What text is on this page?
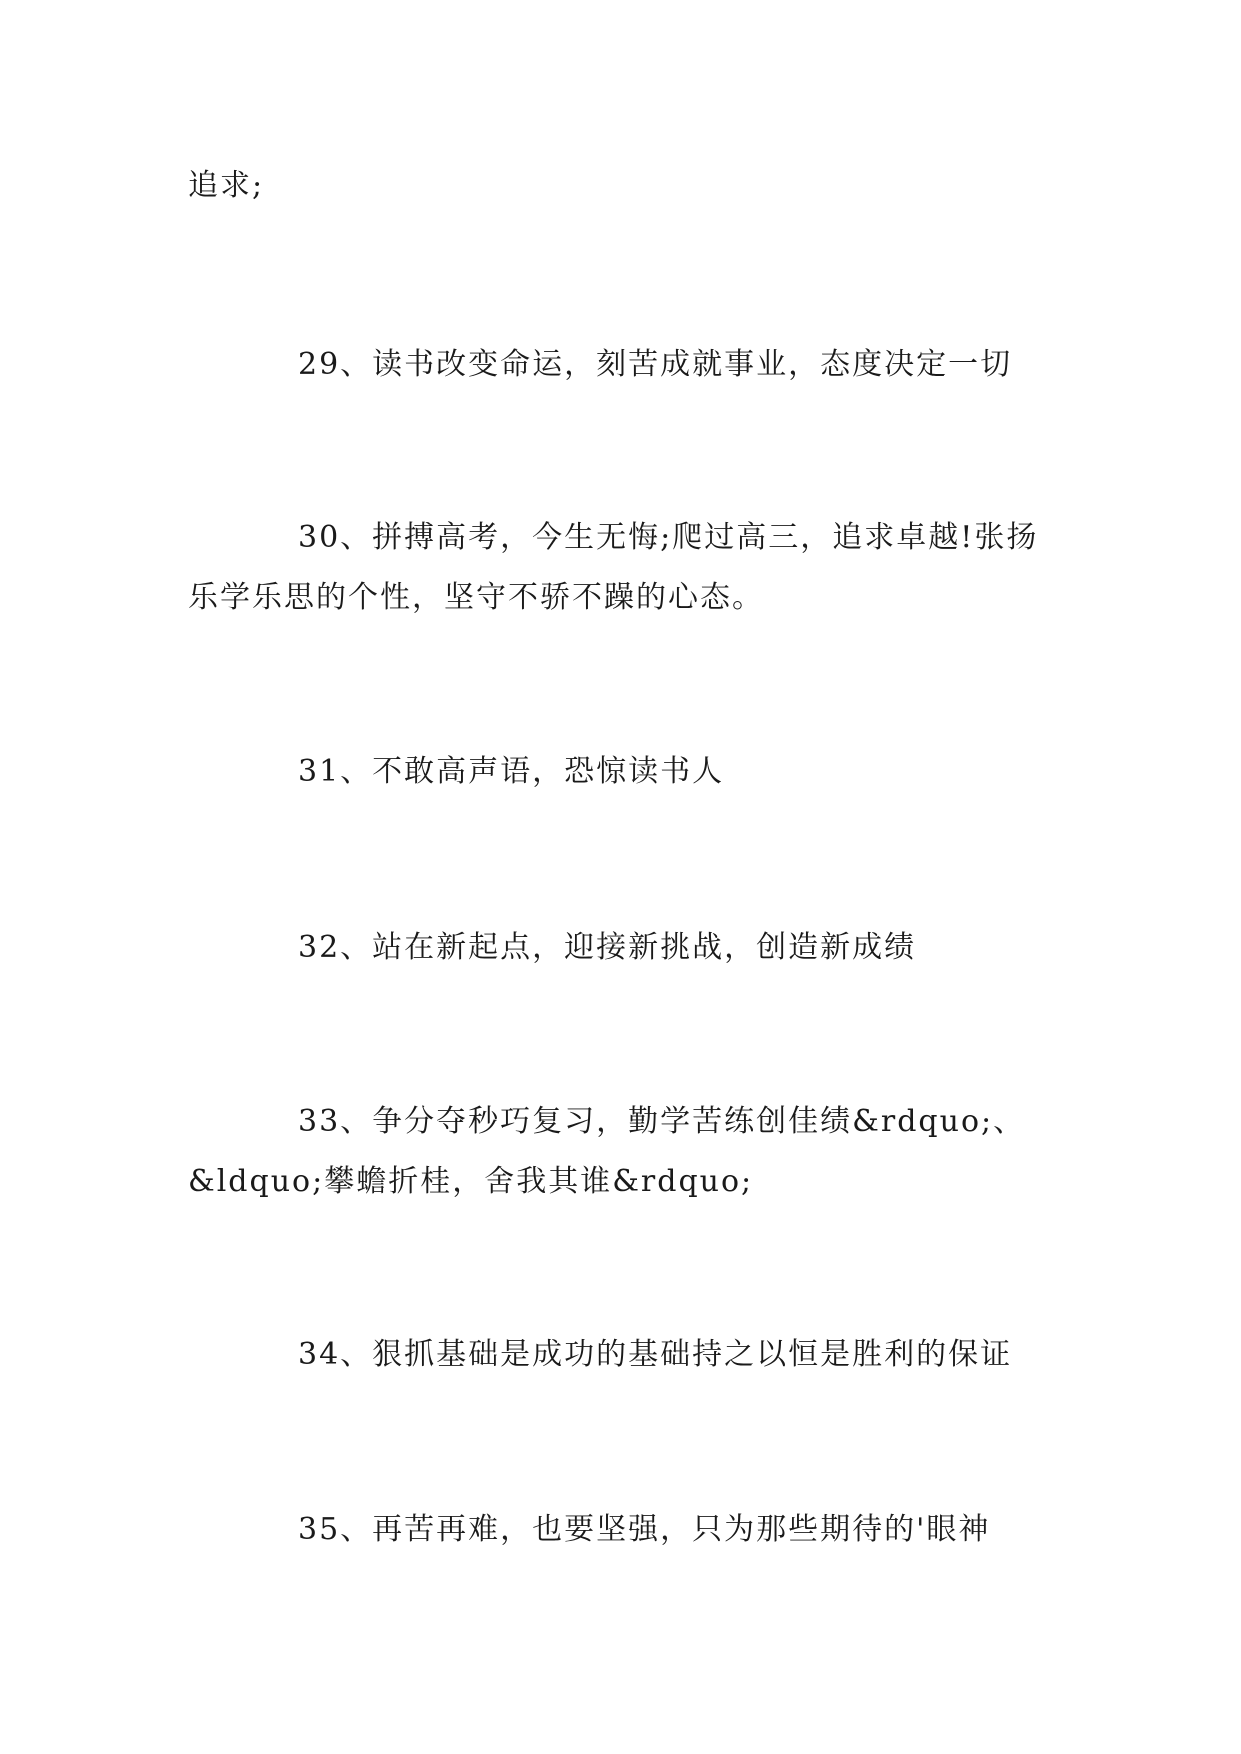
追求;
29、读书改变命运，刻苦成就事业，态度决定一切
30、拼搏高考，今生无悔;爬过高三，追求卓越!张扬
乐学乐思的个性，坚守不骄不躁的心态。
31、不敢高声语，恐惊读书人
32、站在新起点，迎接新挑战，创造新成绩
33、争分夺秒巧复习，勤学苦练创佳绩&rdquo;、
&ldquo;攀蟾折桂，舍我其谁&rdquo;
34、狠抓基础是成功的基础持之以恒是胜利的保证
35、再苦再难，也要坚强，只为那些期待的'眼神
